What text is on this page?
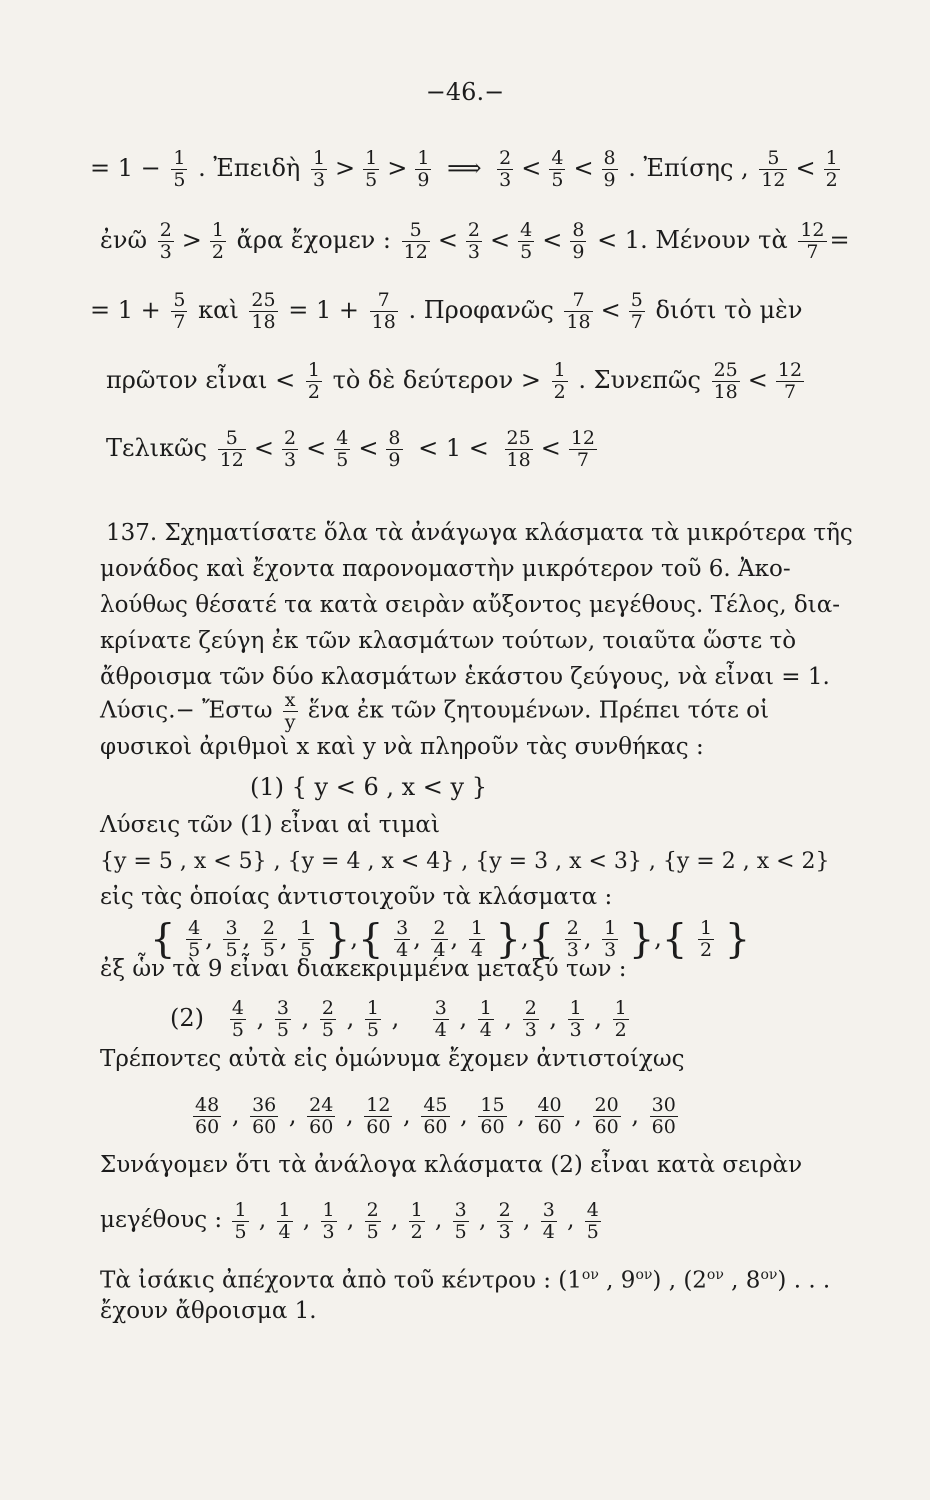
−46.−
= $1 - \frac{1}{5}$ . Ἐπειδὴ $\frac{1}{3} > \frac{1}{5} > \frac{1}{9}$ ⟹ $\frac{2}{3} < \frac{4}{5} < \frac{8}{9}$ . Ἐπίσης , $\frac{5}{12} < \frac{1}{2}$
ἐνῶ $\frac{2}{3} > \frac{1}{2}$ ἄρα ἔχομεν : $\frac{5}{12} < \frac{2}{3} < \frac{4}{5} < \frac{8}{9} < 1$. Μένουν τὰ $\frac{12}{7}$ =
= $1 + \frac{5}{7}$ καὶ $\frac{25}{18} = 1 + \frac{7}{18}$ . Προφανῶς $\frac{7}{18} < \frac{5}{7}$ διότι τὸ μὲν
πρῶτον εἶναι < $\frac{1}{2}$ τὸ δὲ $\delta\varepsilon ύ\tau\varepsilon\rho o\nu > \frac{1}{2}$ . Συνεπῶς $\frac{25}{18} < \frac{12}{7}$
Τελικῶς $\frac{5}{12} < \frac{2}{3} < \frac{4}{5} < \frac{8}{9} < 1 < \frac{25}{18} < \frac{12}{7}$
137. Σχηματίσατε ὅλα τὰ ἀνάγωγα κλάσματα τὰ μικρότερα τῆς
μονάδος καὶ ἔχοντα παρονομαστὴν μικρότερον τοῦ 6. Ἀκο-
λούθως θέσατέ τα κατὰ σειρὰν αὔξοντος μεγέθους. Τέλος, δια-
κρίνατε ζεύγη ἐκ τῶν κλασμάτων τούτων, τοιαῦτα ὥστε τὸ
ἄθροισμα τῶν δύο κλασμάτων ἑκάστου ζεύγους, νὰ εἶναι = 1.
Λύσις.− Ἔστω $\frac{x}{y}$ ἕνα ἐκ τῶν ζητουμένων. Πρέπει τότε οἱ
φυσικοὶ ἀριθμοὶ x καὶ y νὰ πληροῦν τὰς συνθήκας :
(1) { y < 6 , x < y }
Λύσεις τῶν (1) εἶναι αἱ τιμαὶ
{y = 5 , x < 5} , {y = 4 , x < 4} , {y = 3 , x < 3} , {y = 2 , x < 2}
εἰς τὰς ὁποίας ἀντιστοιχοῦν τὰ κλάσματα :
{ $\frac{4}{5}$ , $\frac{3}{5}$ , $\frac{2}{5}$ , $\frac{1}{5}$ },{ $\frac{3}{4}$ , $\frac{2}{4}$ , $\frac{1}{4}$ },{ $\frac{2}{3}$ , $\frac{1}{3}$ },{ $\frac{1}{2}$ }
ἐξ ὧν τὰ 9 εἶναι διακεκριμμένα μεταξύ των :
$(2) \frac{4}{5}$ , $\frac{3}{5}$ , $\frac{2}{5}$ , $\frac{1}{5}$ , $\frac{3}{4}$ , $\frac{1}{4}$ , $\frac{2}{3}$ , $\frac{1}{3}$ , $\frac{1}{2}$
Τρέποντες αὐτὰ εἰς ὁμώνυμα ἔχομεν ἀντιστοίχως
$\frac{48}{60}$ , $\frac{36}{60}$ , $\frac{24}{60}$ , $\frac{12}{60}$ , $\frac{45}{60}$ , $\frac{15}{60}$ , $\frac{40}{60}$ , $\frac{20}{60}$ , $\frac{30}{60}$
Συνάγομεν ὅτι τὰ ἀνάλογα κλάσματα (2) εἶναι κατὰ σειρὰν
μεγέθους : $\frac{1}{5}$ , $\frac{1}{4}$ , $\frac{1}{3}$ , $\frac{2}{5}$ , $\frac{1}{2}$ , $\frac{3}{5}$ , $\frac{2}{3}$ , $\frac{3}{4}$ , $\frac{4}{5}$
Τὰ ἰσάκις ἀπέχοντα ἀπὸ τοῦ κέντρου : ($1^{o\nu}$ , $9^{o\nu}$) , ($2^{o\nu}$ , $8^{o\nu}$) . . .
ἔχουν ἄθροισμα 1.
